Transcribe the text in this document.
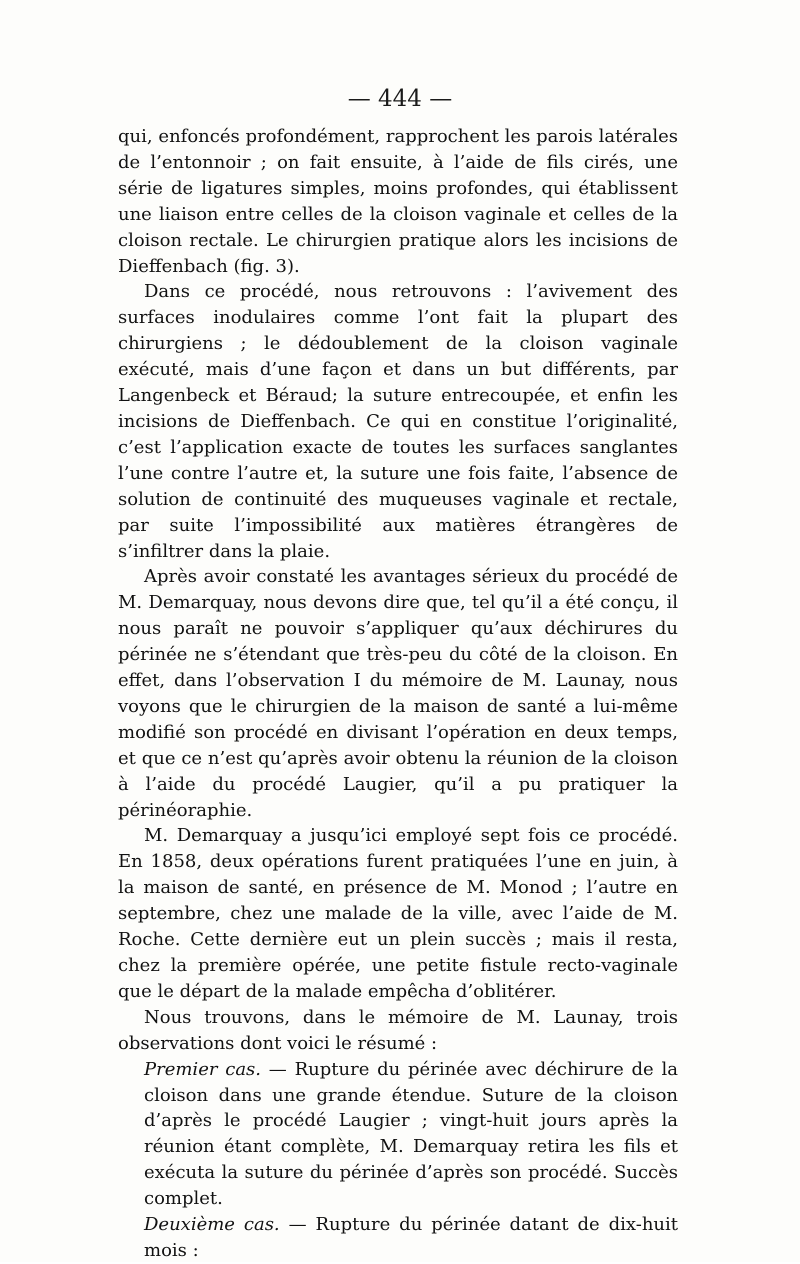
— 444 —

qui, enfoncés profondément, rapprochent les parois latérales de l’entonnoir ; on fait ensuite, à l’aide de fils cirés, une série de ligatures simples, moins profondes, qui établissent une liaison entre celles de la cloison vaginale et celles de la cloison rectale. Le chirurgien pratique alors les incisions de Dieffenbach (fig. 3).

Dans ce procédé, nous retrouvons : l’avivement des surfaces inodulaires comme l’ont fait la plupart des chirurgiens ; le dédoublement de la cloison vaginale exécuté, mais d’une façon et dans un but différents, par Langenbeck et Béraud; la suture entrecoupée, et enfin les incisions de Dieffenbach. Ce qui en constitue l’originalité, c’est l’application exacte de toutes les surfaces sanglantes l’une contre l’autre et, la suture une fois faite, l’absence de solution de continuité des muqueuses vaginale et rectale, par suite l’impossibilité aux matières étrangères de s’infiltrer dans la plaie.

Après avoir constaté les avantages sérieux du procédé de M. Demarquay, nous devons dire que, tel qu’il a été conçu, il nous paraît ne pouvoir s’appliquer qu’aux déchirures du périnée ne s’étendant que très-peu du côté de la cloison. En effet, dans l’observation I du mémoire de M. Launay, nous voyons que le chirurgien de la maison de santé a lui-même modifié son procédé en divisant l’opération en deux temps, et que ce n’est qu’après avoir obtenu la réunion de la cloison à l’aide du procédé Laugier, qu’il a pu pratiquer la périnéoraphie.

M. Demarquay a jusqu’ici employé sept fois ce procédé. En 1858, deux opérations furent pratiquées l’une en juin, à la maison de santé, en présence de M. Monod ; l’autre en septembre, chez une malade de la ville, avec l’aide de M. Roche. Cette dernière eut un plein succès ; mais il resta, chez la première opérée, une petite fistule recto-vaginale que le départ de la malade empêcha d’oblitérer.

Nous trouvons, dans le mémoire de M. Launay, trois observations dont voici le résumé :

Premier cas. — Rupture du périnée avec déchirure de la cloison dans une grande étendue. Suture de la cloison d’après le procédé Laugier ; vingt-huit jours après la réunion étant complète, M. Demarquay retira les fils et exécuta la suture du périnée d’après son procédé. Succès complet.

Deuxième cas. — Rupture du périnée datant de dix-huit mois :
